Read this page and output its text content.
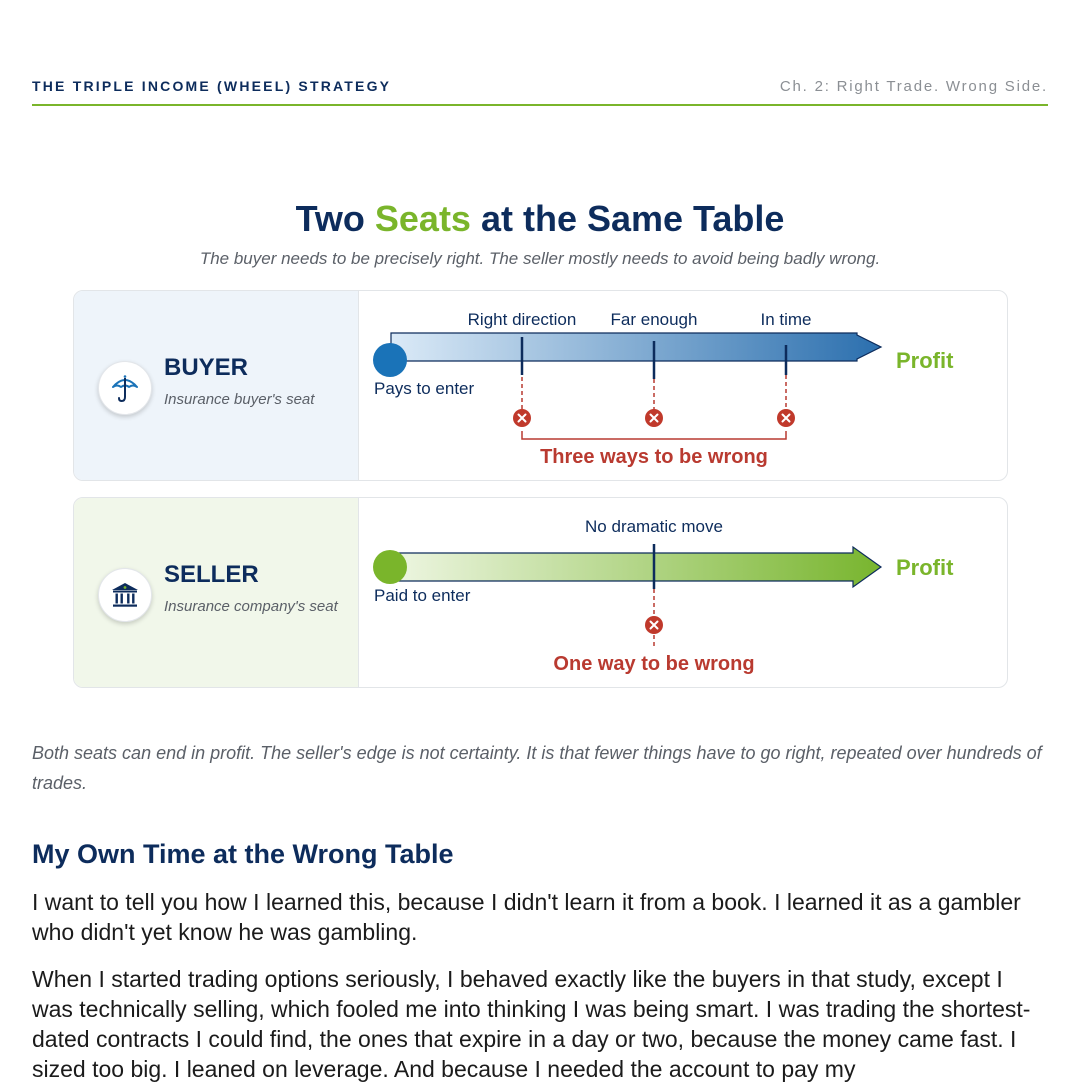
THE TRIPLE INCOME (WHEEL) STRATEGY	Ch. 2: Right Trade. Wrong Side.
Two Seats at the Same Table
The buyer needs to be precisely right. The seller mostly needs to avoid being badly wrong.
BUYER
Insurance buyer's seat
Pays to enter
Profit
Right direction Far enough	In time
Three ways to be wrong
SELLER
Insurance company's seat
Paid to enter
Profit
No dramatic move
One way to be wrong

Both seats can end in profit. The seller's edge is not certainty. It is that fewer things have to go right, repeated over hundreds of trades.

My Own Time at the Wrong Table

I want to tell you how I learned this, because I didn't learn it from a book. I learned it as a gambler who didn't yet know he was gambling.

When I started trading options seriously, I behaved exactly like the buyers in that study, except I was technically selling, which fooled me into thinking I was being smart. I was trading the shortest-dated contracts I could find, the ones that expire in a day or two, because the money came fast. I sized too big. I leaned on leverage. And because I needed the account to pay my
